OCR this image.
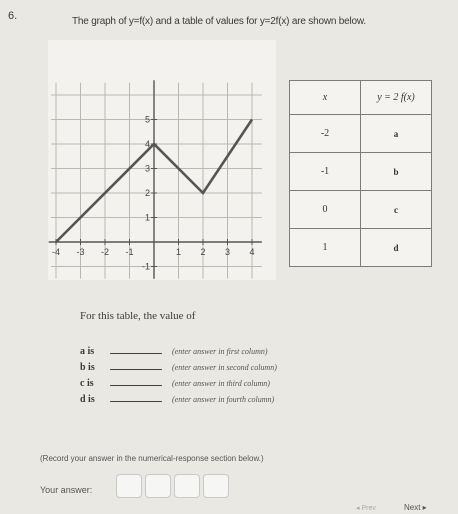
6.	The graph of y=f(x) and a table of values for y=2f(x) are shown below.
-4 -3 -2 -1	1 2 3 4
5
4
3
2
1
-1
x	y = 2 f(x)
-2	a
-1	b
0	c
1	d
For this table, the value of
a is	(enter answer in first column)
b is	(enter answer in second column)
c is	(enter answer in third column)
d is	(enter answer in fourth column)
(Record your answer in the numerical-response section below.)
Your answer:
◂ Prev	Next ▸
